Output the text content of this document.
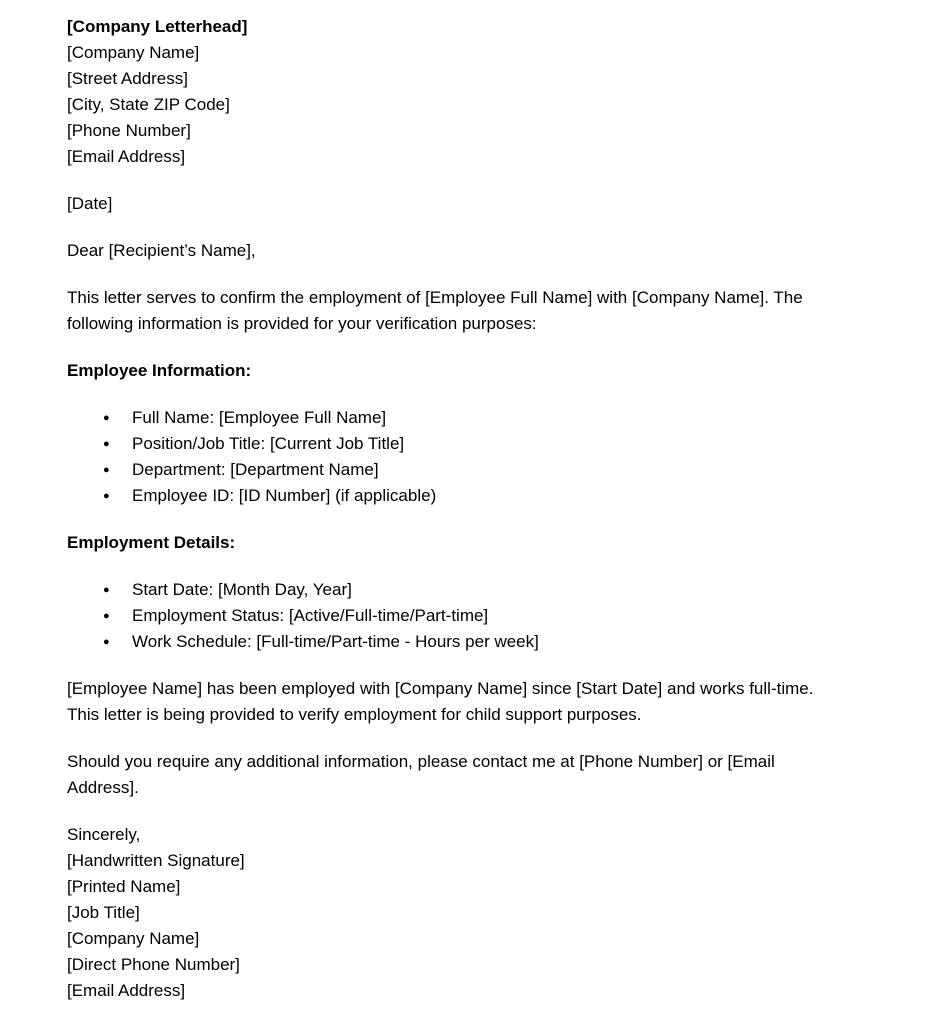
[Company Letterhead]
[Company Name]
[Street Address]
[City, State ZIP Code]
[Phone Number]
[Email Address]
[Date]
Dear [Recipient’s Name],

This letter serves to confirm the employment of [Employee Full Name] with [Company Name]. The following information is provided for your verification purposes:

Employee Information:
● Full Name: [Employee Full Name]
● Position/Job Title: [Current Job Title]
● Department: [Department Name]
● Employee ID: [ID Number] (if applicable)
Employment Details:
● Start Date: [Month Day, Year]
● Employment Status: [Active/Full-time/Part-time]
● Work Schedule: [Full-time/Part-time - Hours per week]

[Employee Name] has been employed with [Company Name] since [Start Date] and works full-time. This letter is being provided to verify employment for child support purposes.

Should you require any additional information, please contact me at [Phone Number] or [Email Address].

Sincerely,
[Handwritten Signature]
[Printed Name]
[Job Title]
[Company Name]
[Direct Phone Number]
[Email Address]
